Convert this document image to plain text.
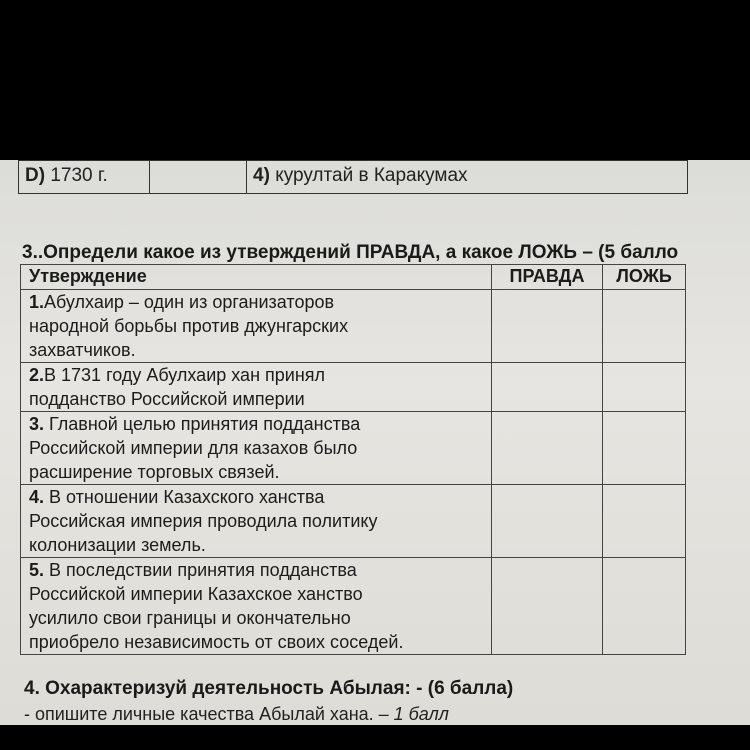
D) 1730 г.		4) курултай в Каракумах
3..Определи какое из утверждений ПРАВДА, а какое ЛОЖЬ – (5 балло
Утверждение	ПРАВДА	ЛОЖЬ
1.Абулхаир – один из организаторов
народной борьбы против джунгарских
захватчиков.		
2.В 1731 году Абулхаир хан принял
подданство Российской империи		
3. Главной целью принятия подданства
Российской империи для казахов было
расширение торговых связей.		
4. В отношении Казахского ханства
Российская империя проводила политику
колонизации земель.		
5. В последствии принятия подданства
Российской империи Казахское ханство
усилило свои границы и окончательно
приобрело независимость от своих соседей.		
4. Охарактеризуй деятельность Абылая: - (6 балла)
- опишите личные качества Абылай хана. – 1 балл
